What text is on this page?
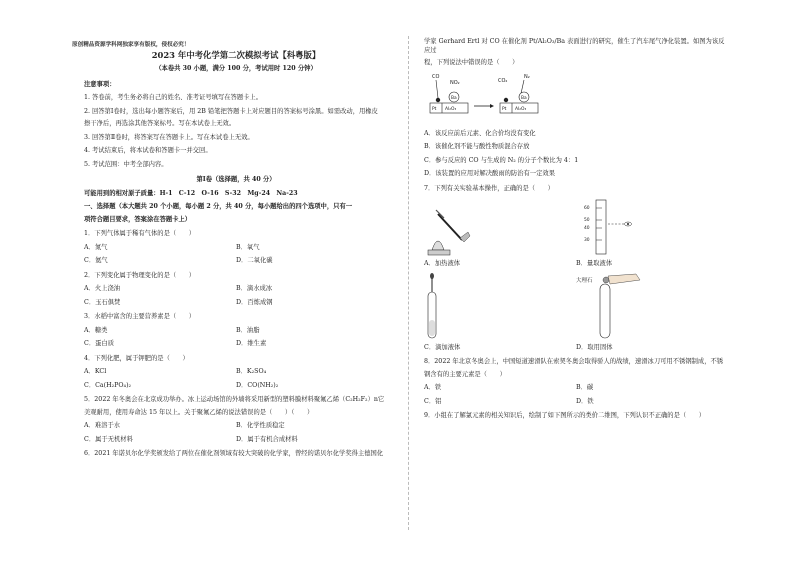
原创精品资源学科网独家享有版权，侵权必究！

2023 年中考化学第二次模拟考试【科粤版】

（本卷共 30 小题，满分 100 分，考试用时 120 分钟）

注意事项：

1. 答卷前，考生务必将自己的姓名、准考证号填写在答题卡上。

2. 回答第Ⅰ卷时，选出每小题答案后，用 2B 铅笔把答题卡上对应题目的答案标号涂黑。如需改动，用橡皮

擦干净后，再选涂其他答案标号。写在本试卷上无效。

3. 回答第Ⅱ卷时，将答案写在答题卡上。写在本试卷上无效。

4. 考试结束后，将本试卷和答题卡一并交回。

5. 考试范围：中考全部内容。

第Ⅰ卷（选择题，共 40 分）

可能用到的相对原子质量：H-1　C-12　O-16　S-32　Mg-24　Na-23

一、选择题（本大题共 20 个小题，每小题 2 分，共 40 分，每小题给出的四个选项中，只有一

项符合题目要求，答案涂在答题卡上）

1．下列气体属于稀有气体的是（　　）

A．氮气	B．氧气
C．氦气	D．二氧化碳

2．下列变化属于物理变化的是（　　）

A．火上浇油	B．滴水成冰
C．玉石俱焚	D．百炼成钢

3．水稻中富含的主要营养素是（　　）

A．糖类	B．油脂
C．蛋白质	D．维生素

4．下列化肥，属于钾肥的是（　　）

A．KCl	B．K₂SO₄
C．Ca(H₂PO₄)₂	D．CO(NH₂)₂

5．2022 年冬奥会在北京成功举办。冰上运动场馆的外墙将采用新型的塑料膜材料聚氟乙烯（C₂H₂F₂）n它

美观耐用，使用寿命达 15 年以上。关于聚氟乙烯的说法错误的是（　　）（　　）

A．难溶于水	B．化学性质稳定
C．属于无机材料	D．属于有机合成材料

6．2021 年诺贝尔化学奖颁发给了两位在催化剂领域有较大突破的化学家，曾经的诺贝尔化学奖得主德国化

学家 Gerhard Ertl 对 CO 在催化剂 Pt/Al₂O₃/Ba 表面进行的研究，催生了汽车尾气净化装置。如图为该反应过

程，下列说法中错误的是（　　）

CO
NO₂
Ba
Pt Al₂O₃
CO₂
N₂
Ba
Pt Al₂O₃

A．该反应前后元素、化合价均没有变化

B．该催化剂不能与酸性物质混合存放

C．参与反应的 CO 与生成的 N₂ 的分子个数比为 4：1

D．该装置的应用对解决酸雨的防治有一定效果

7．下列有关实验基本操作，正确的是（　　）

60
50
40
30
A．加热液体	B．量取液体
大理石
C．滴加液体	D．取用固体

8．2022 年北京冬奥会上，中国短道速滑队在索契冬奥会取得骄人的战绩，速滑冰刀可用不锈钢制成，不锈

钢含有的主要元素是（　　）

A．铁	B．碳
C．铝	D．铁

9．小组在了解氯元素的相关知识后，绘制了如下图所示的类价二维图，下列认识不正确的是（　　）
